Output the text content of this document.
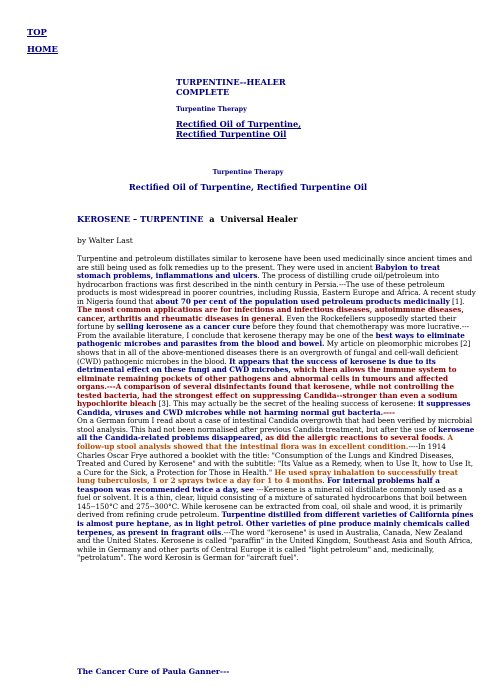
TOP
HOME

TURPENTINE--HEALER
COMPLETE

Turpentine Therapy

Rectified Oil of Turpentine,
Rectified Turpentine Oil

Turpentine Therapy
Rectified Oil of Turpentine, Rectified Turpentine Oil
KEROSENE – TURPENTINE  a  Universal Healer
by Walter Last

Turpentine and petroleum distillates similar to kerosene have been used medicinally since ancient times and are still being used as folk remedies up to the present. They were used in ancient Babylon to treat stomach problems, inflammations and ulcers. The process of distilling crude oil/petroleum into hydrocarbon fractions was first described in the ninth century in Persia.---The use of these petroleum products is most widespread in poorer countries, including Russia, Eastern Europe and Africa. A recent study in Nigeria found that about 70 per cent of the population used petroleum products medicinally [1]. The most common applications are for infections and infectious diseases, autoimmune diseases, cancer, arthritis and rheumatic diseases in general. Even the Rockefellers supposedly started their fortune by selling kerosene as a cancer cure before they found that chemotherapy was more lucrative.---From the available literature, I conclude that kerosene therapy may be one of the best ways to eliminate pathogenic microbes and parasites from the blood and bowel. My article on pleomorphic microbes [2] shows that in all of the above-mentioned diseases there is an overgrowth of fungal and cell-wall deficient (CWD) pathogenic microbes in the blood. It appears that the success of kerosene is due to its detrimental effect on these fungi and CWD microbes, which then allows the immune system to eliminate remaining pockets of other pathogens and abnormal cells in tumours and affected organs.---A comparison of several disinfectants found that kerosene, while not controlling the tested bacteria, had the strongest effect on suppressing Candida--stronger than even a sodium hypochlorite bleach [3]. This may actually be the secret of the healing success of kerosene: it suppresses Candida, viruses and CWD microbes while not harming normal gut bacteria.----

On a German forum I read about a case of intestinal Candida overgrowth that had been verified by microbial stool analysis. This had not been normalised after previous Candida treatment, but after the use of kerosene all the Candida-related problems disappeared, as did the allergic reactions to several foods. A follow-up stool analysis showed that the intestinal flora was in excellent condition.----In 1914 Charles Oscar Frye authored a booklet with the title: "Consumption of the Lungs and Kindred Diseases, Treated and Cured by Kerosene" and with the subtitle: "Its Value as a Remedy, when to Use It, how to Use It, a Cure for the Sick, a Protection for Those in Health." He used spray inhalation to successfully treat lung tuberculosis, 1 or 2 sprays twice a day for 1 to 4 months. For internal problems half a teaspoon was recommended twice a day, see ---Kerosene is a mineral oil distillate commonly used as a fuel or solvent. It is a thin, clear, liquid consisting of a mixture of saturated hydrocarbons that boil between 145--150°C and 275--300°C. While kerosene can be extracted from coal, oil shale and wood, it is primarily derived from refining crude petroleum. Turpentine distilled from different varieties of California pines is almost pure heptane, as in light petrol. Other varieties of pine produce mainly chemicals called terpenes, as present in fragrant oils.---The word "kerosene" is used in Australia, Canada, New Zealand and the United States. Kerosene is called "paraffin" in the United Kingdom, Southeast Asia and South Africa, while in Germany and other parts of Central Europe it is called "light petroleum" and, medicinally, "petrolatum". The word Kerosin is German for "aircraft fuel".

The Cancer Cure of Paula Ganner---
